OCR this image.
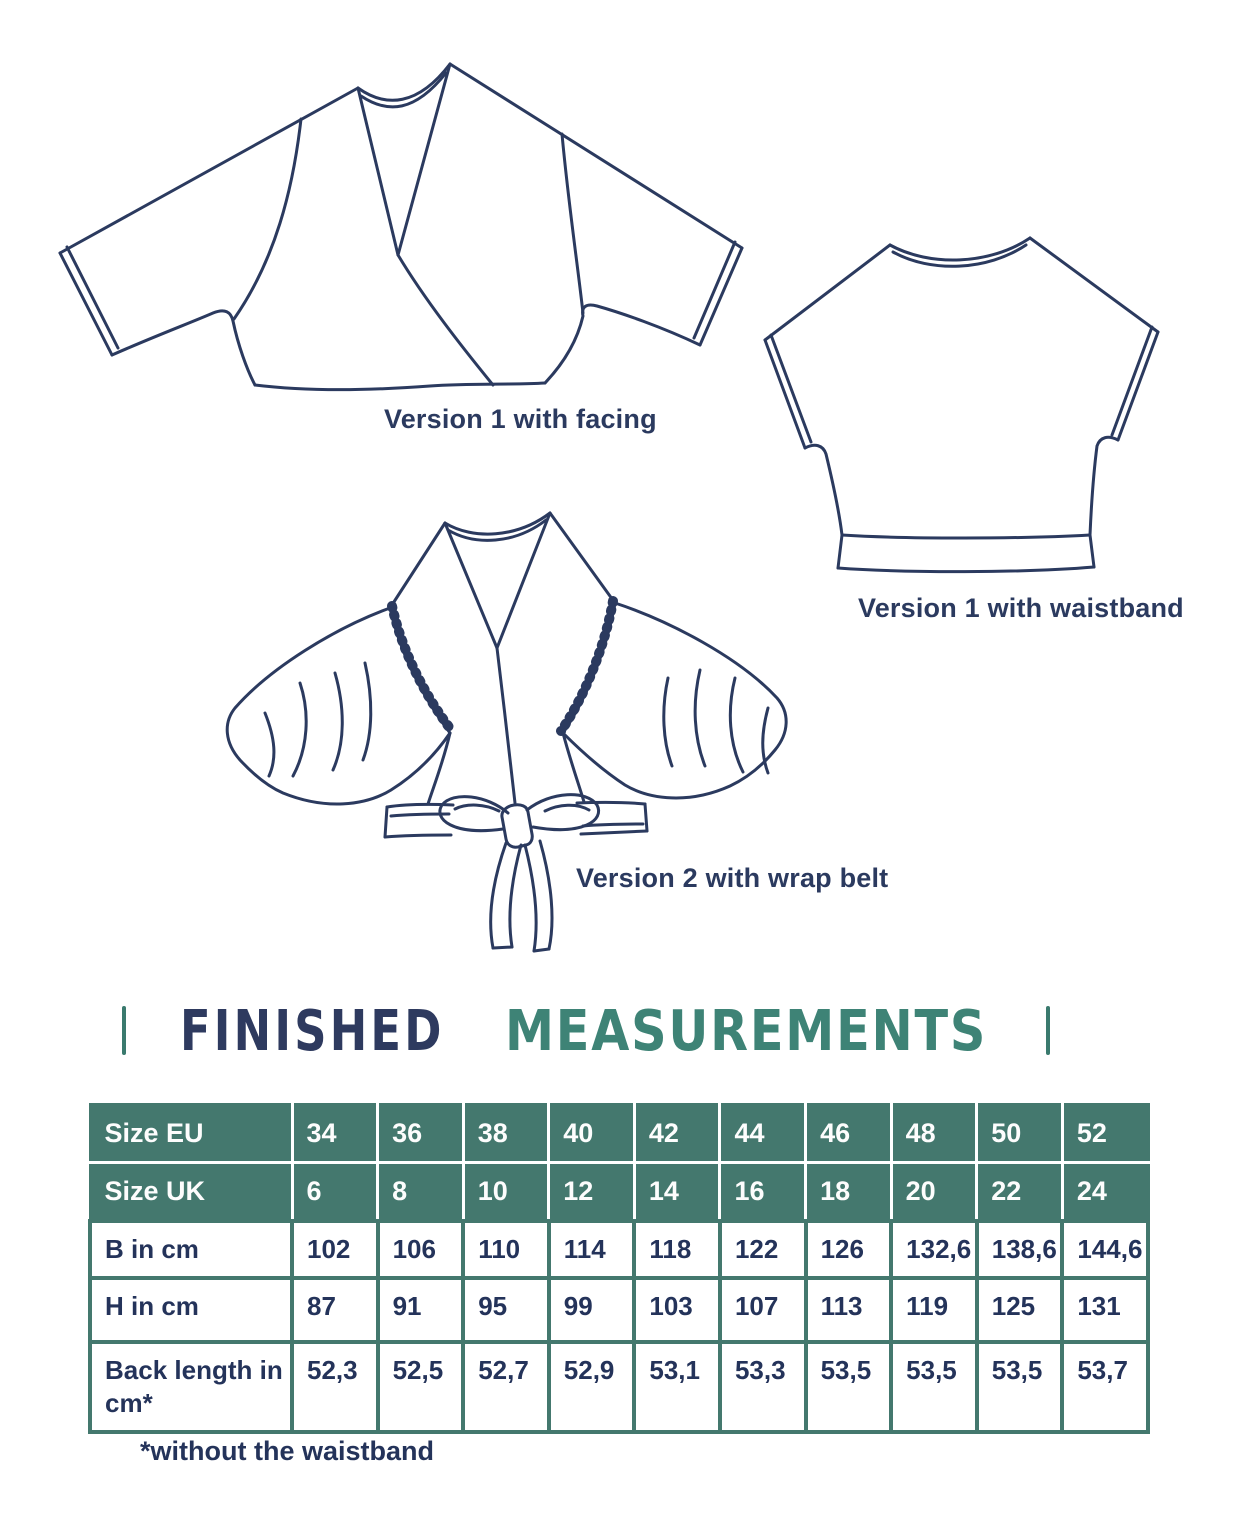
Version 1 with facing
Version 1 with waistband
Version 2 with wrap belt
FINISHED MEASUREMENTS
Size EU	34	36	38	40	42	44	46	48	50	52
Size UK	6	8	10	12	14	16	18	20	22	24
B in cm	102	106	110	114	118	122	126	132,6	138,6	144,6
H in cm	87	91	95	99	103	107	113	119	125	131
Back length in cm*	52,3	52,5	52,7	52,9	53,1	53,3	53,5	53,5	53,5	53,7
*without the waistband
